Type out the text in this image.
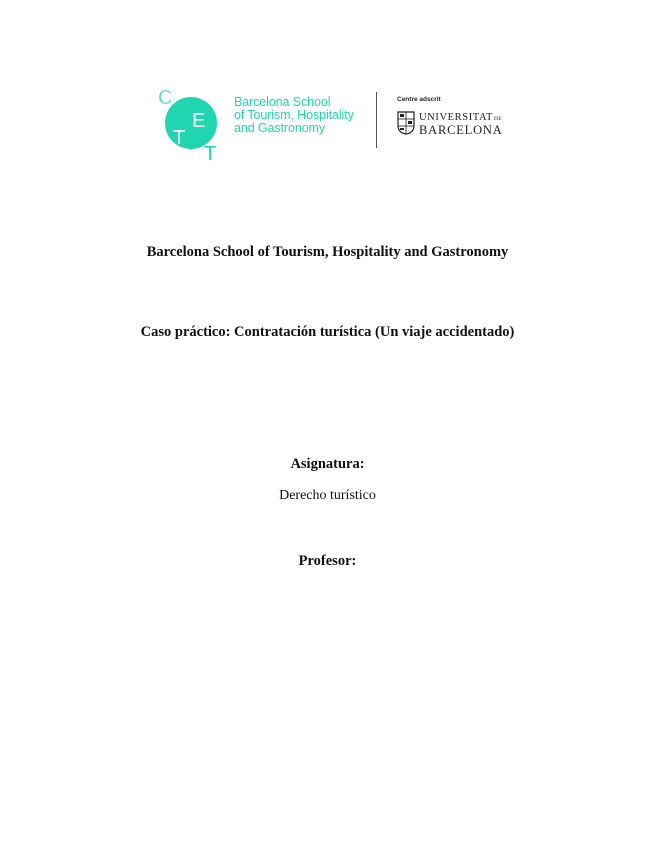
C
E
T
T
Barcelona School
of Tourism, Hospitality
and Gastronomy
Centre adscrit
UNIVERSITATDE
BARCELONA
Barcelona School of Tourism, Hospitality and Gastronomy
Caso práctico: Contratación turística (Un viaje accidentado)
Asignatura:
Derecho turístico
Profesor:
